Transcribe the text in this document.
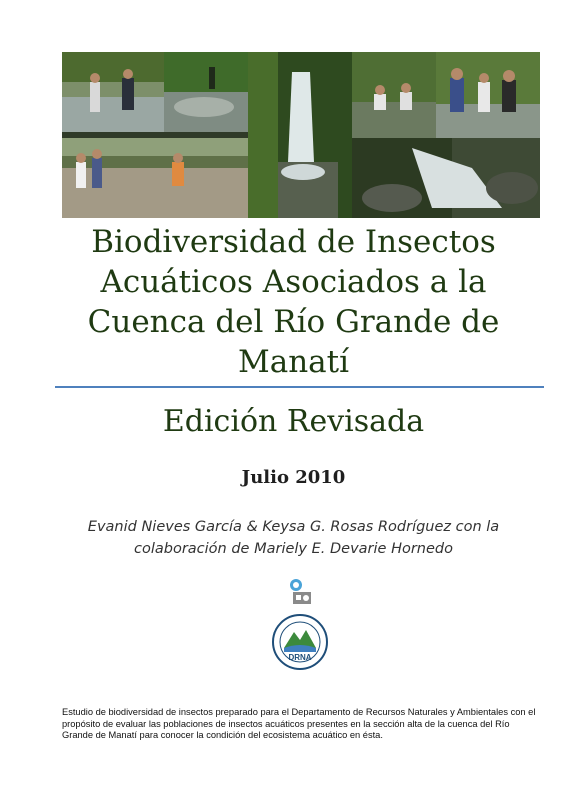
Biodiversidad de Insectos
Acuáticos Asociados a la
Cuenca del Río Grande de
Manatí
Edición Revisada
Julio 2010
Evanid Nieves García & Keysa G. Rosas Rodríguez con la
colaboración de Mariely E. Devarie Hornedo
DRNA
Estudio de biodiversidad de insectos preparado para el Departamento de Recursos Naturales y Ambientales con el propósito de evaluar las poblaciones de insectos acuáticos presentes en la sección alta de la cuenca del Río Grande de Manatí para conocer la condición del ecosistema acuático en ésta.
